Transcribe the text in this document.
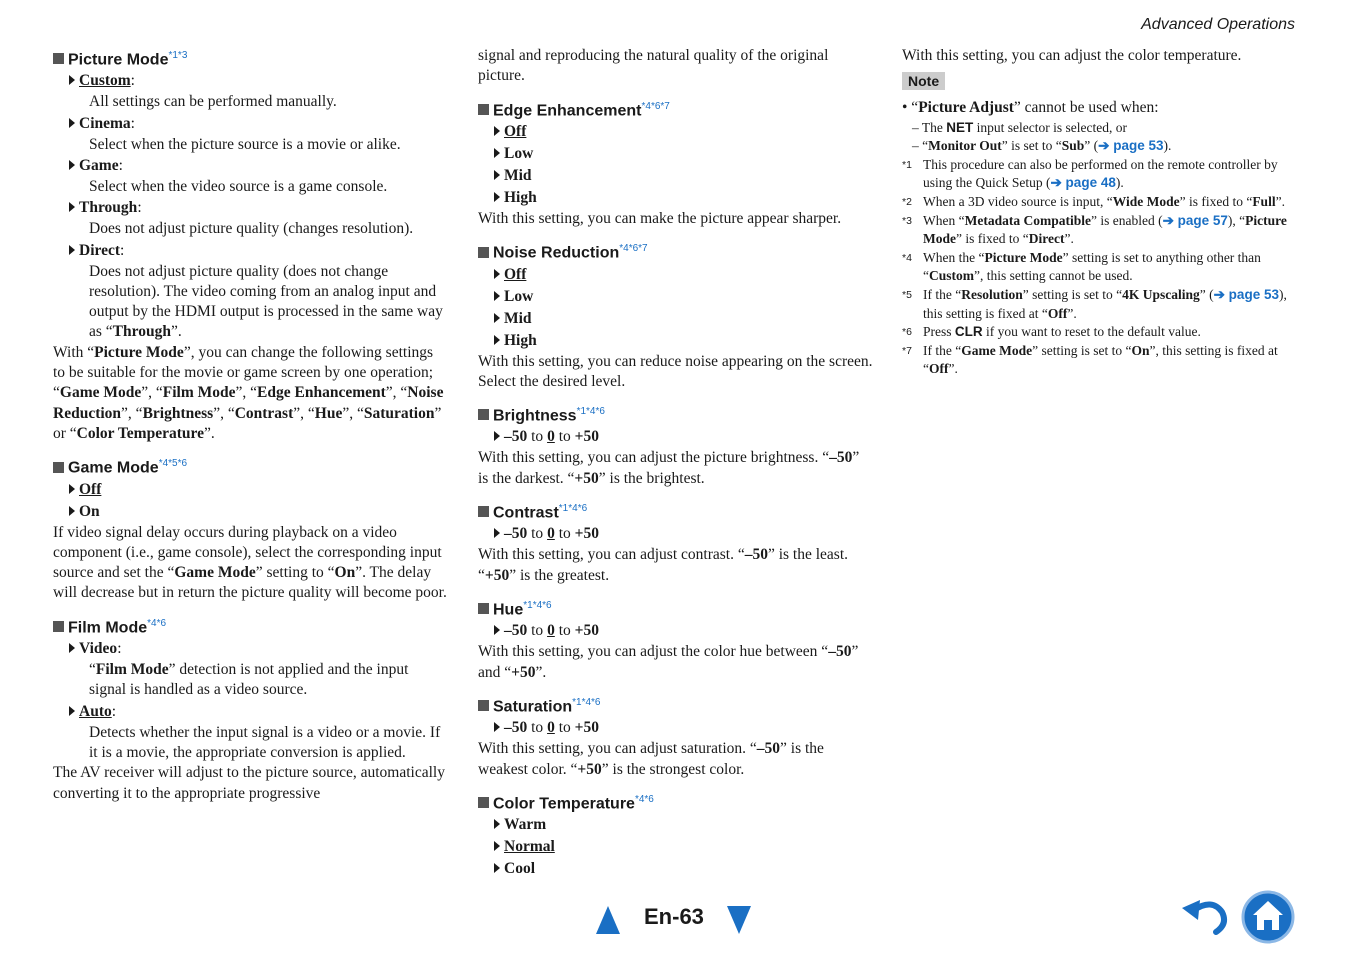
Advanced Operations

Picture Mode$^{*1*3}$

Custom:

All settings can be performed manually.

Cinema:

Select when the picture source is a movie or alike.

Game:

Select when the video source is a game console.

Through:

Does not adjust picture quality (changes resolution).

Direct:

Does not adjust picture quality (does not change resolution). The video coming from an analog input and output by the HDMI output is processed in the same way as “Through”.

With “Picture Mode”, you can change the following settings to be suitable for the movie or game screen by one operation; “Game Mode”, “Film Mode”, “Edge Enhancement”, “Noise Reduction”, “Brightness”, “Contrast”, “Hue”, “Saturation” or “Color Temperature”.

Game Mode$^{*4*5*6}$

Off

On

If video signal delay occurs during playback on a video component (i.e., game console), select the corresponding input source and set the “Game Mode” setting to “On”. The delay will decrease but in return the picture quality will become poor.

Film Mode$^{*4*6}$

Video:

“Film Mode” detection is not applied and the input signal is handled as a video source.

Auto:

Detects whether the input signal is a video or a movie. If it is a movie, the appropriate conversion is applied.

The AV receiver will adjust to the picture source, automatically converting it to the appropriate progressive

signal and reproducing the natural quality of the original picture.

Edge Enhancement$^{*4*6*7}$

Off

Low

Mid

High

With this setting, you can make the picture appear sharper.

Noise Reduction$^{*4*6*7}$

Off

Low

Mid

High

With this setting, you can reduce noise appearing on the screen. Select the desired level.

Brightness$^{*1*4*6}$

–50 to 0 to +50

With this setting, you can adjust the picture brightness. “–50” is the darkest. “+50” is the brightest.

Contrast$^{*1*4*6}$

–50 to 0 to +50

With this setting, you can adjust contrast. “–50” is the least. “+50” is the greatest.

Hue$^{*1*4*6}$

–50 to 0 to +50

With this setting, you can adjust the color hue between “–50” and “+50”.

Saturation$^{*1*4*6}$

–50 to 0 to +50

With this setting, you can adjust saturation. “–50” is the weakest color. “+50” is the strongest color.

Color Temperature$^{*4*6}$

Warm

Normal

Cool

With this setting, you can adjust the color temperature.

Note

• “Picture Adjust” cannot be used when:

– The NET input selector is selected, or

– “Monitor Out” is set to “Sub” (➔ page 53).

*1 This procedure can also be performed on the remote controller by using the Quick Setup (➔ page 48).
*2 When a 3D video source is input, “Wide Mode” is fixed to “Full”.
*3 When “Metadata Compatible” is enabled (➔ page 57), “Picture Mode” is fixed to “Direct”.
*4 When the “Picture Mode” setting is set to anything other than “Custom”, this setting cannot be used.
*5 If the “Resolution” setting is set to “4K Upscaling” (➔ page 53), this setting is fixed at “Off”.
*6 Press CLR if you want to reset to the default value.
*7 If the “Game Mode” setting is set to “On”, this setting is fixed at “Off”.
En-63
